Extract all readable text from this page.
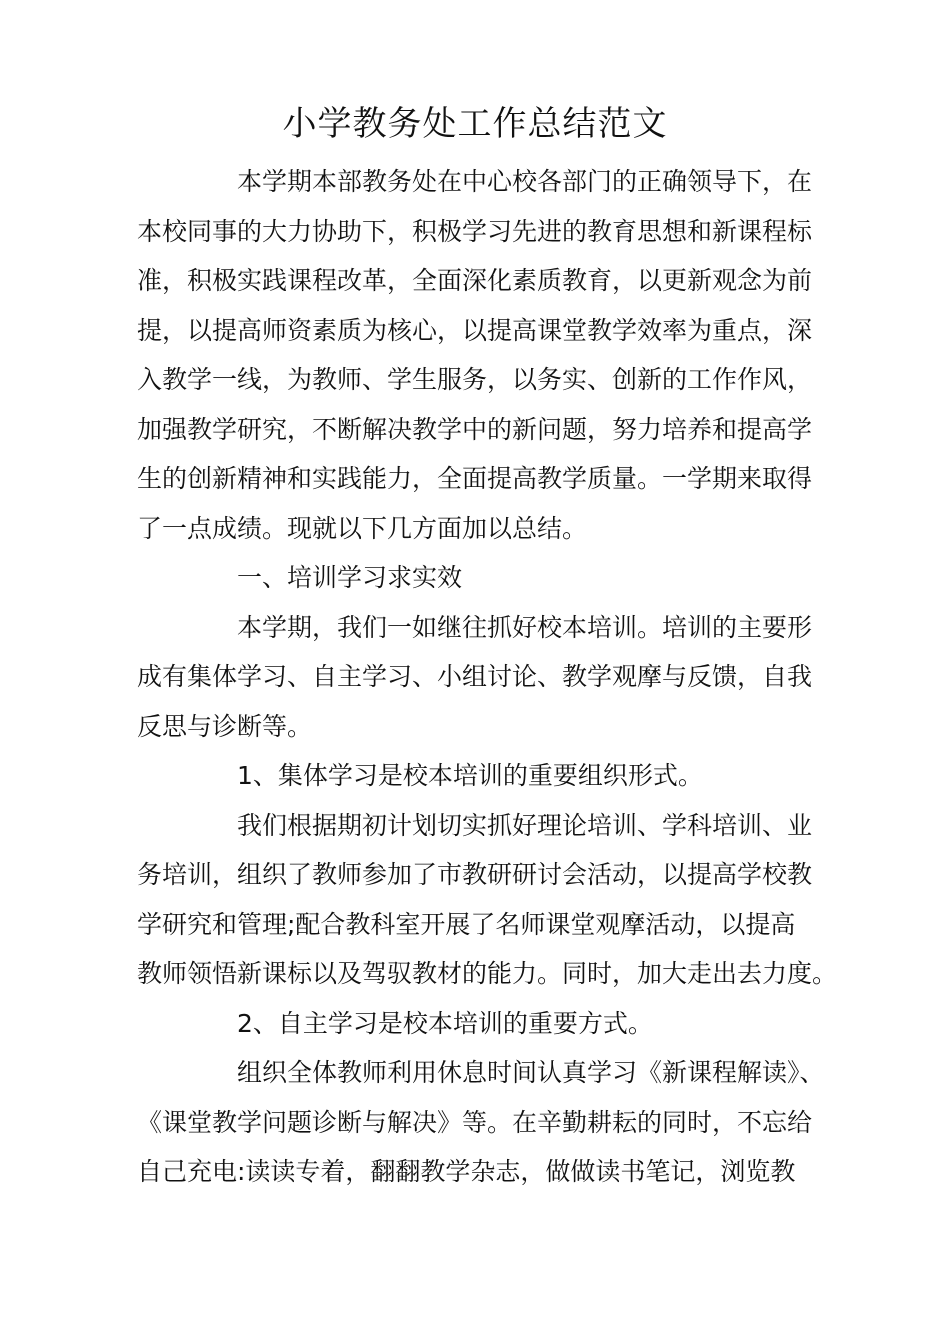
小学教务处工作总结范文
本学期本部教务处在中心校各部门的正确领导下，在
本校同事的大力协助下，积极学习先进的教育思想和新课程标
准，积极实践课程改革，全面深化素质教育，以更新观念为前
提，以提高师资素质为核心，以提高课堂教学效率为重点，深
入教学一线，为教师、学生服务，以务实、创新的工作作风，
加强教学研究，不断解决教学中的新问题，努力培养和提高学
生的创新精神和实践能力，全面提高教学质量。一学期来取得
了一点成绩。现就以下几方面加以总结。
一、培训学习求实效
本学期，我们一如继往抓好校本培训。培训的主要形
成有集体学习、自主学习、小组讨论、教学观摩与反馈，自我
反思与诊断等。
1、集体学习是校本培训的重要组织形式。
我们根据期初计划切实抓好理论培训、学科培训、业
务培训，组织了教师参加了市教研研讨会活动，以提高学校教
学研究和管理;配合教科室开展了名师课堂观摩活动，以提高
教师领悟新课标以及驾驭教材的能力。同时，加大走出去力度。
2、自主学习是校本培训的重要方式。
组织全体教师利用休息时间认真学习《新课程解读》、
《课堂教学问题诊断与解决》等。在辛勤耕耘的同时，不忘给
自己充电:读读专着，翻翻教学杂志，做做读书笔记，浏览教
